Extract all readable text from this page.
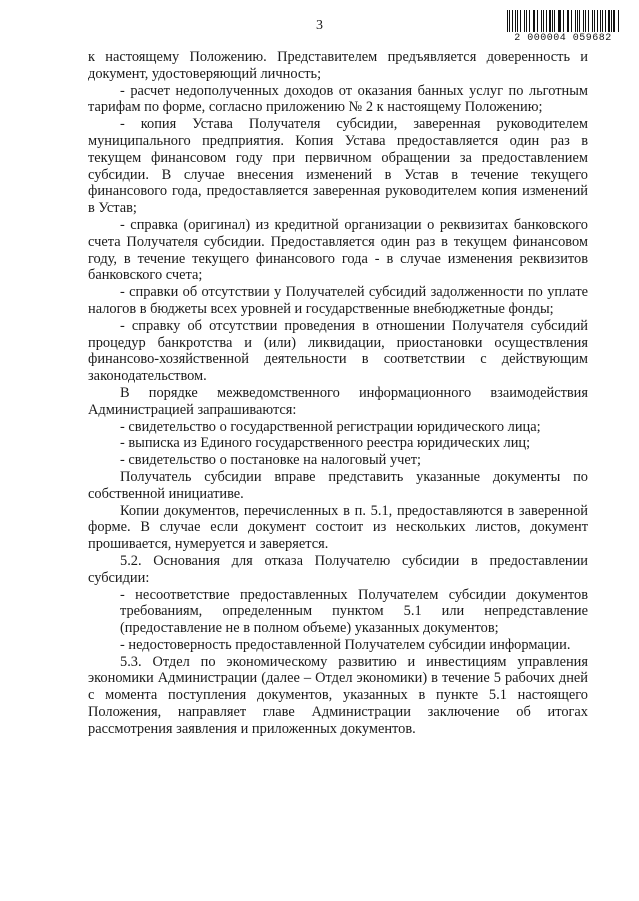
3
2 000004 059682

к настоящему Положению. Представителем предъявляется доверенность и документ, удостоверяющий личность;

- расчет недополученных доходов от оказания банных услуг по льготным тарифам по форме, согласно приложению № 2 к настоящему Положению;

- копия Устава Получателя субсидии, заверенная руководителем муниципального предприятия. Копия Устава предоставляется один раз в текущем финансовом году при первичном обращении за предоставлением субсидии. В случае внесения изменений в Устав в течение текущего финансового года, предоставляется заверенная руководителем копия изменений в Устав;

- справка (оригинал) из кредитной организации о реквизитах банковского счета Получателя субсидии. Предоставляется один раз в текущем финансовом году, в течение текущего финансового года - в случае изменения реквизитов банковского счета;

- справки об отсутствии у Получателей субсидий задолженности по уплате налогов в бюджеты всех уровней и государственные внебюджетные фонды;

- справку об отсутствии проведения в отношении Получателя субсидий процедур банкротства и (или) ликвидации, приостановки осуществления финансово-хозяйственной деятельности в соответствии с действующим законодательством.

В порядке межведомственного информационного взаимодействия Администрацией запрашиваются:

- свидетельство о государственной регистрации юридического лица;

- выписка из Единого государственного реестра юридических лиц;

- свидетельство о постановке на налоговый учет;

Получатель субсидии вправе представить указанные документы по собственной инициативе.

Копии документов, перечисленных в п. 5.1, предоставляются в заверенной форме. В случае если документ состоит из нескольких листов, документ прошивается, нумеруется и заверяется.

5.2. Основания для отказа Получателю субсидии в предоставлении субсидии:

- несоответствие предоставленных Получателем субсидии документов требованиям, определенным пунктом 5.1 или непредставление (предоставление не в полном объеме) указанных документов;

- недостоверность предоставленной Получателем субсидии информации.

5.3. Отдел по экономическому развитию и инвестициям управления экономики Администрации (далее – Отдел экономики) в течение 5 рабочих дней с момента поступления документов, указанных в пункте 5.1 настоящего Положения, направляет главе Администрации заключение об итогах рассмотрения заявления и приложенных документов.
